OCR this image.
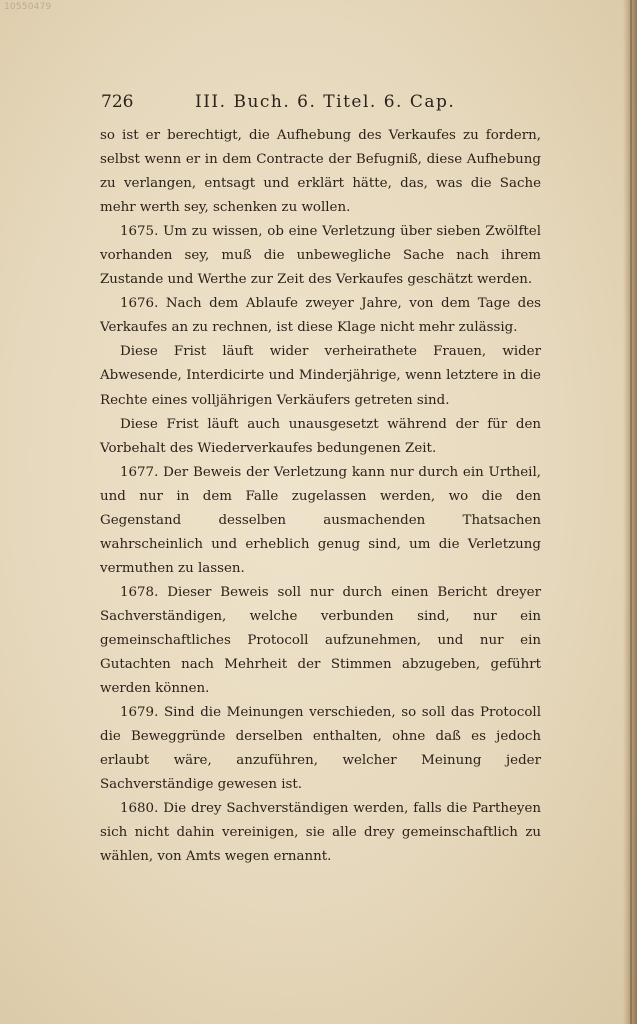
10550479
726	III. Buch. 6. Titel. 6. Cap.

so ist er berechtigt, die Aufhebung des Verkaufes zu fordern, selbst wenn er in dem Contracte der Befugniß, diese Aufhebung zu verlangen, entsagt und erklärt hätte, das, was die Sache mehr werth sey, schenken zu wollen.

1675. Um zu wissen, ob eine Verletzung über sieben Zwölftel vorhanden sey, muß die unbewegliche Sache nach ihrem Zustande und Werthe zur Zeit des Verkaufes geschätzt werden.

1676. Nach dem Ablaufe zweyer Jahre, von dem Tage des Verkaufes an zu rechnen, ist diese Klage nicht mehr zulässig.

Diese Frist läuft wider verheirathete Frauen, wider Abwesende, Interdicirte und Minderjährige, wenn letztere in die Rechte eines volljährigen Verkäufers getreten sind.

Diese Frist läuft auch unausgesetzt während der für den Vorbehalt des Wiederverkaufes bedungenen Zeit.

1677. Der Beweis der Verletzung kann nur durch ein Urtheil, und nur in dem Falle zugelassen werden, wo die den Gegenstand desselben ausmachenden Thatsachen wahrscheinlich und erheblich genug sind, um die Verletzung vermuthen zu lassen.

1678. Dieser Beweis soll nur durch einen Bericht dreyer Sachverständigen, welche verbunden sind, nur ein gemeinschaftliches Protocoll aufzunehmen, und nur ein Gutachten nach Mehrheit der Stimmen abzugeben, geführt werden können.

1679. Sind die Meinungen verschieden, so soll das Protocoll die Beweggründe derselben enthalten, ohne daß es jedoch erlaubt wäre, anzuführen, welcher Meinung jeder Sachverständige gewesen ist.

1680. Die drey Sachverständigen werden, falls die Partheyen sich nicht dahin vereinigen, sie alle drey gemeinschaftlich zu wählen, von Amts wegen ernannt.
